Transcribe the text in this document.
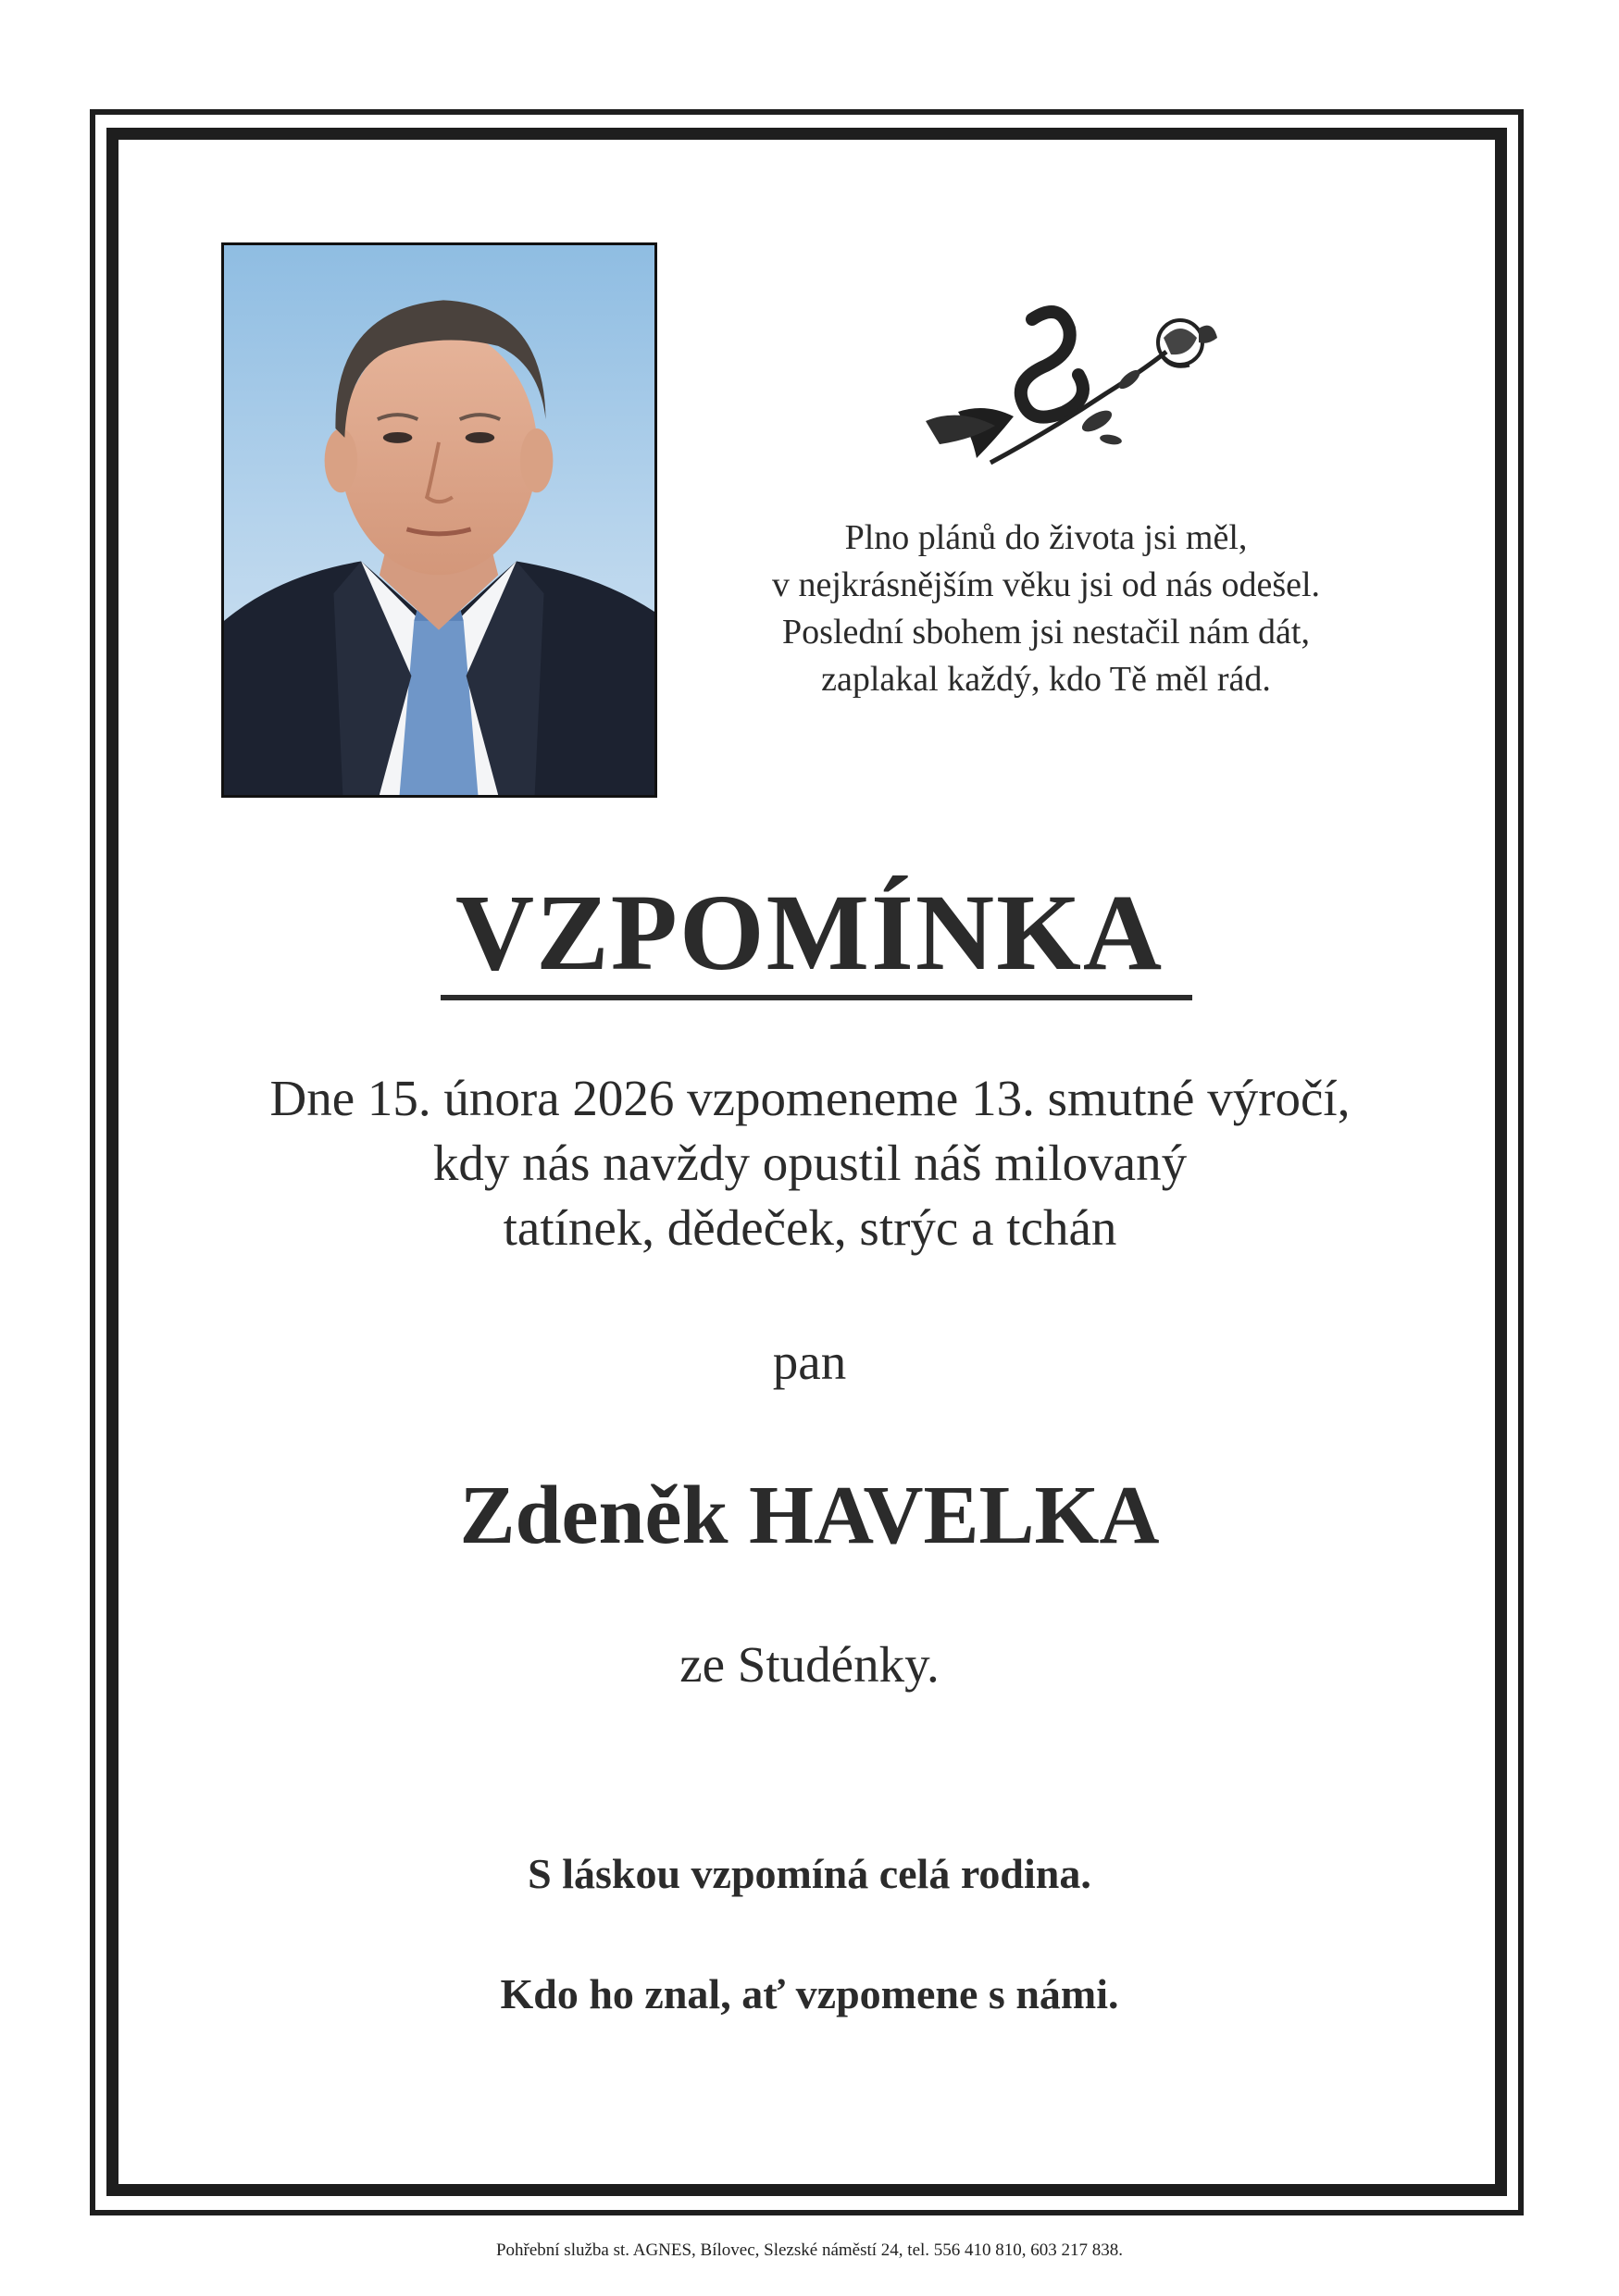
Plno plánů do života jsi měl,
v nejkrásnějším věku jsi od nás odešel.
Poslední sbohem jsi nestačil nám dát,
zaplakal každý, kdo Tě měl rád.
VZPOMÍNKA
Dne 15. února 2026 vzpomeneme 13. smutné výročí,
kdy nás navždy opustil náš milovaný
tatínek, dědeček, strýc a tchán
pan
Zdeněk HAVELKA
ze Studénky.
S láskou vzpomíná celá rodina.
Kdo ho znal, ať vzpomene s námi.
Pohřební služba st. AGNES, Bílovec, Slezské náměstí 24, tel. 556 410 810, 603 217 838.
